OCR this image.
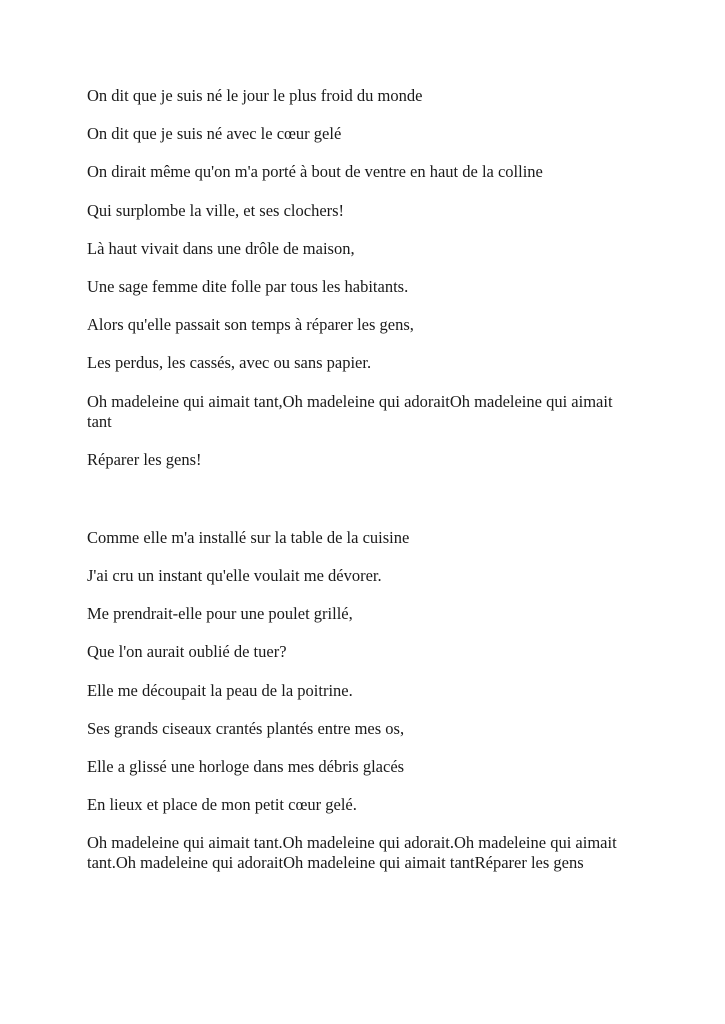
On dit que je suis né le jour le plus froid du monde

On dit que je suis né avec le cœur gelé

On dirait même qu'on m'a porté à bout de ventre en haut de la colline

Qui surplombe la ville, et ses clochers!

Là haut vivait dans une drôle de maison,

Une sage femme dite folle par tous les habitants.

Alors qu'elle passait son temps à réparer les gens,

Les perdus, les cassés, avec ou sans papier.

Oh madeleine qui aimait tant,Oh madeleine qui adoraitOh madeleine qui aimait tant

Réparer les gens!

Comme elle m'a installé sur la table de la cuisine

J'ai cru un instant qu'elle voulait me dévorer.

Me prendrait-elle pour une poulet grillé,

Que l'on aurait oublié de tuer?

Elle me découpait la peau de la poitrine.

Ses grands ciseaux crantés plantés entre mes os,

Elle a glissé une horloge dans mes débris glacés

En lieux et place de mon petit cœur gelé.

Oh madeleine qui aimait tant.Oh madeleine qui adorait.Oh madeleine qui aimait tant.Oh madeleine qui adoraitOh madeleine qui aimait tantRéparer les gens
